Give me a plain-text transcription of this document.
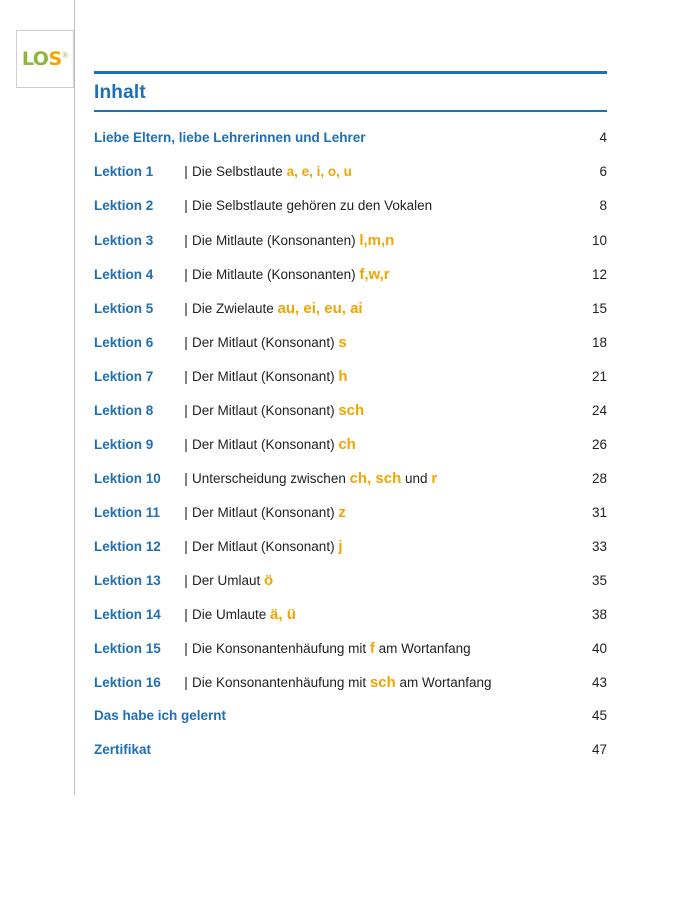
LOS®
Inhalt
Liebe Eltern, liebe Lehrerinnen und Lehrer	4
Lektion 1	| Die Selbstlaute a, e, i, o, u	6
Lektion 2	| Die Selbstlaute gehören zu den Vokalen	8
Lektion 3	| Die Mitlaute (Konsonanten) l,m,n	10
Lektion 4	| Die Mitlaute (Konsonanten) f,w,r	12
Lektion 5	| Die Zwielaute au, ei, eu, ai	15
Lektion 6	| Der Mitlaut (Konsonant) s	18
Lektion 7	| Der Mitlaut (Konsonant) h	21
Lektion 8	| Der Mitlaut (Konsonant) sch	24
Lektion 9	| Der Mitlaut (Konsonant) ch	26
Lektion 10	| Unterscheidung zwischen ch, sch und r	28
Lektion 11	| Der Mitlaut (Konsonant) z	31
Lektion 12	| Der Mitlaut (Konsonant) j	33
Lektion 13	| Der Umlaut ö	35
Lektion 14	| Die Umlaute ä, ü	38
Lektion 15	| Die Konsonantenhäufung mit f am Wortanfang	40
Lektion 16	| Die Konsonantenhäufung mit sch am Wortanfang	43
Das habe ich gelernt	45
Zertifikat	47
